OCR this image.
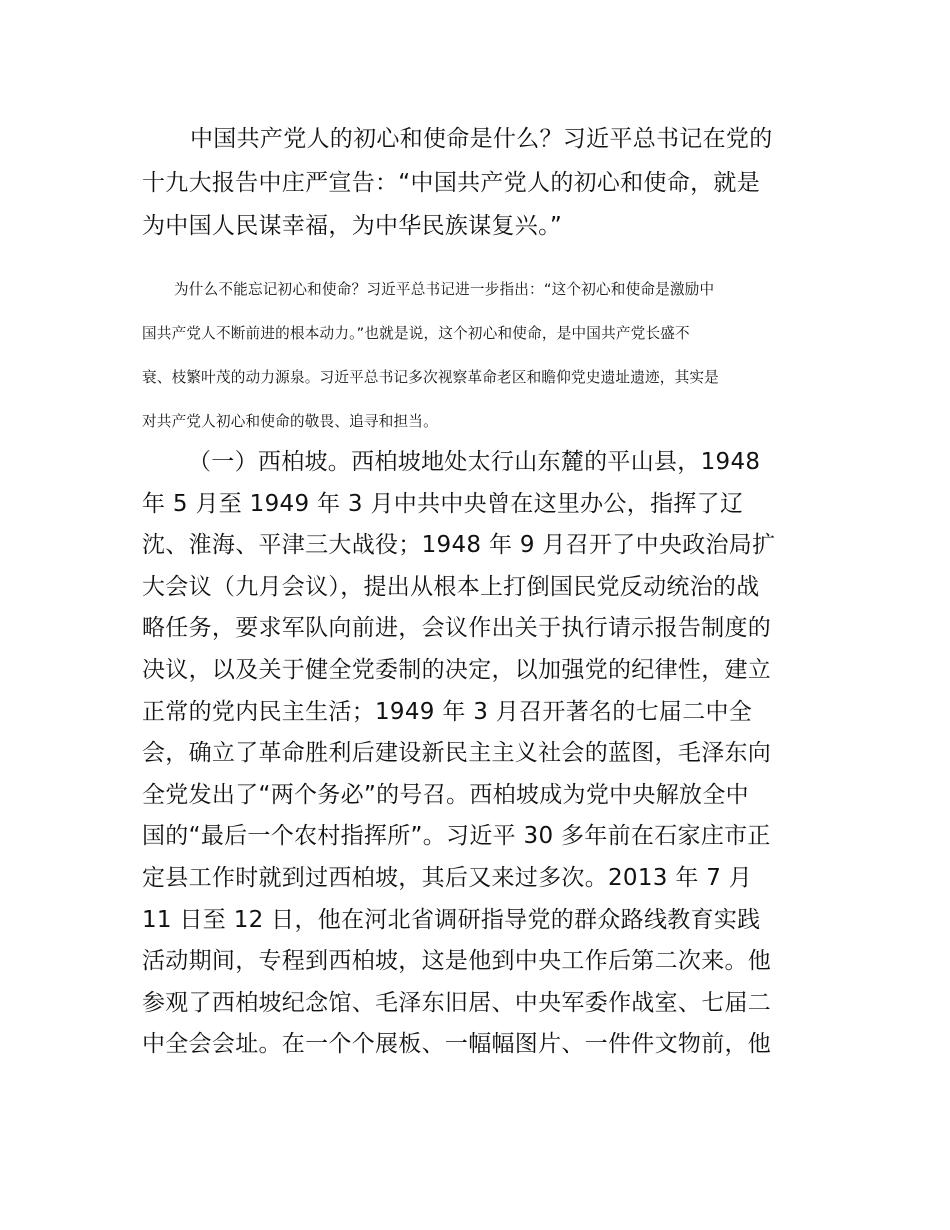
中国共产党人的初心和使命是什么？习近平总书记在党的
十九大报告中庄严宣告：“中国共产党人的初心和使命，就是
为中国人民谋幸福，为中华民族谋复兴。”

为什么不能忘记初心和使命？习近平总书记进一步指出：“这个初心和使命是激励中
国共产党人不断前进的根本动力。”也就是说，这个初心和使命，是中国共产党长盛不
衰、枝繁叶茂的动力源泉。习近平总书记多次视察革命老区和瞻仰党史遗址遗迹，其实是
对共产党人初心和使命的敬畏、追寻和担当。

（一）西柏坡。西柏坡地处太行山东麓的平山县，1948
年 5 月至 1949 年 3 月中共中央曾在这里办公，指挥了辽
沈、淮海、平津三大战役；1948 年 9 月召开了中央政治局扩
大会议（九月会议），提出从根本上打倒国民党反动统治的战
略任务，要求军队向前进，会议作出关于执行请示报告制度的
决议，以及关于健全党委制的决定，以加强党的纪律性，建立
正常的党内民主生活；1949 年 3 月召开著名的七届二中全
会，确立了革命胜利后建设新民主主义社会的蓝图，毛泽东向
全党发出了“两个务必”的号召。西柏坡成为党中央解放全中
国的“最后一个农村指挥所”。习近平 30 多年前在石家庄市正
定县工作时就到过西柏坡，其后又来过多次。2013 年 7 月
11 日至 12 日，他在河北省调研指导党的群众路线教育实践
活动期间，专程到西柏坡，这是他到中央工作后第二次来。他
参观了西柏坡纪念馆、毛泽东旧居、中央军委作战室、七届二
中全会会址。在一个个展板、一幅幅图片、一件件文物前，他
